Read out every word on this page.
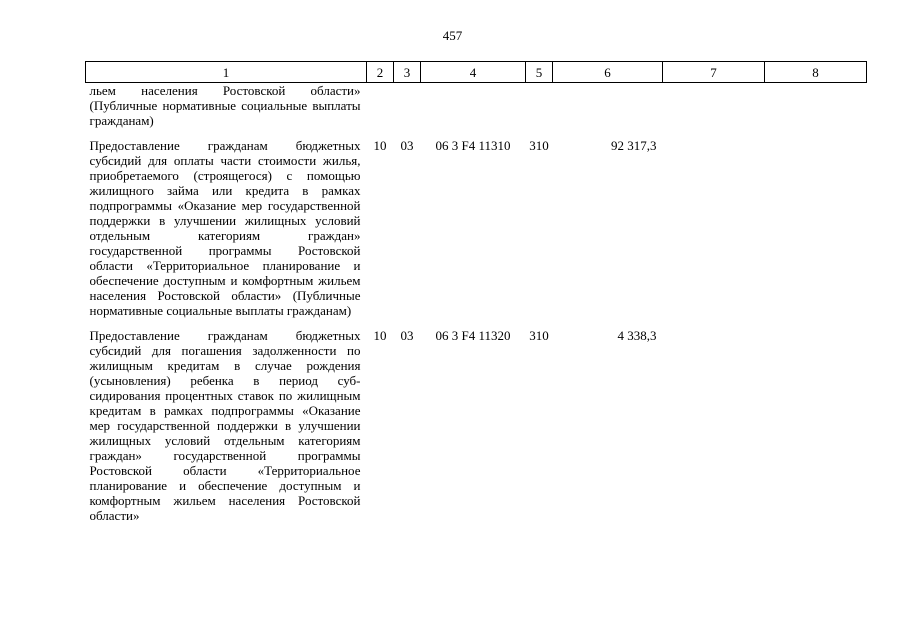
457
1	2	3	4	5	6	7	8
льем населения Ростовской области» (Публичные нормативные социальные выплаты гражданам)							
Предоставление гражданам бюджетных субсидий для оплаты части стоимости жилья, приобретаемого (строящегося) с помощью жилищного займа или кредита в рамках подпрограммы «Оказание мер государственной поддержки в улучшении жилищных условий отдельным категориям граждан» государственной программы Ростовской области «Территориальное планирование и обеспечение доступным и комфортным жильем населения Ростовской области» (Публичные нормативные социальные выплаты гражданам)	10	03	06 3 F4 11310	310	92 317,3		
Предоставление гражданам бюджетных субсидий для погашения задолженности по жилищным кредитам в случае рождения (усыновления) ребенка в период субсидирования процентных ставок по жилищным кредитам в рамках подпрограммы «Оказание мер государственной поддержки в улучшении жилищных условий отдельным категориям граждан» государственной программы Ростовской области «Территориальное планирование и обеспечение доступным и комфортным жильем населения Ростовской области»	10	03	06 3 F4 11320	310	4 338,3		
